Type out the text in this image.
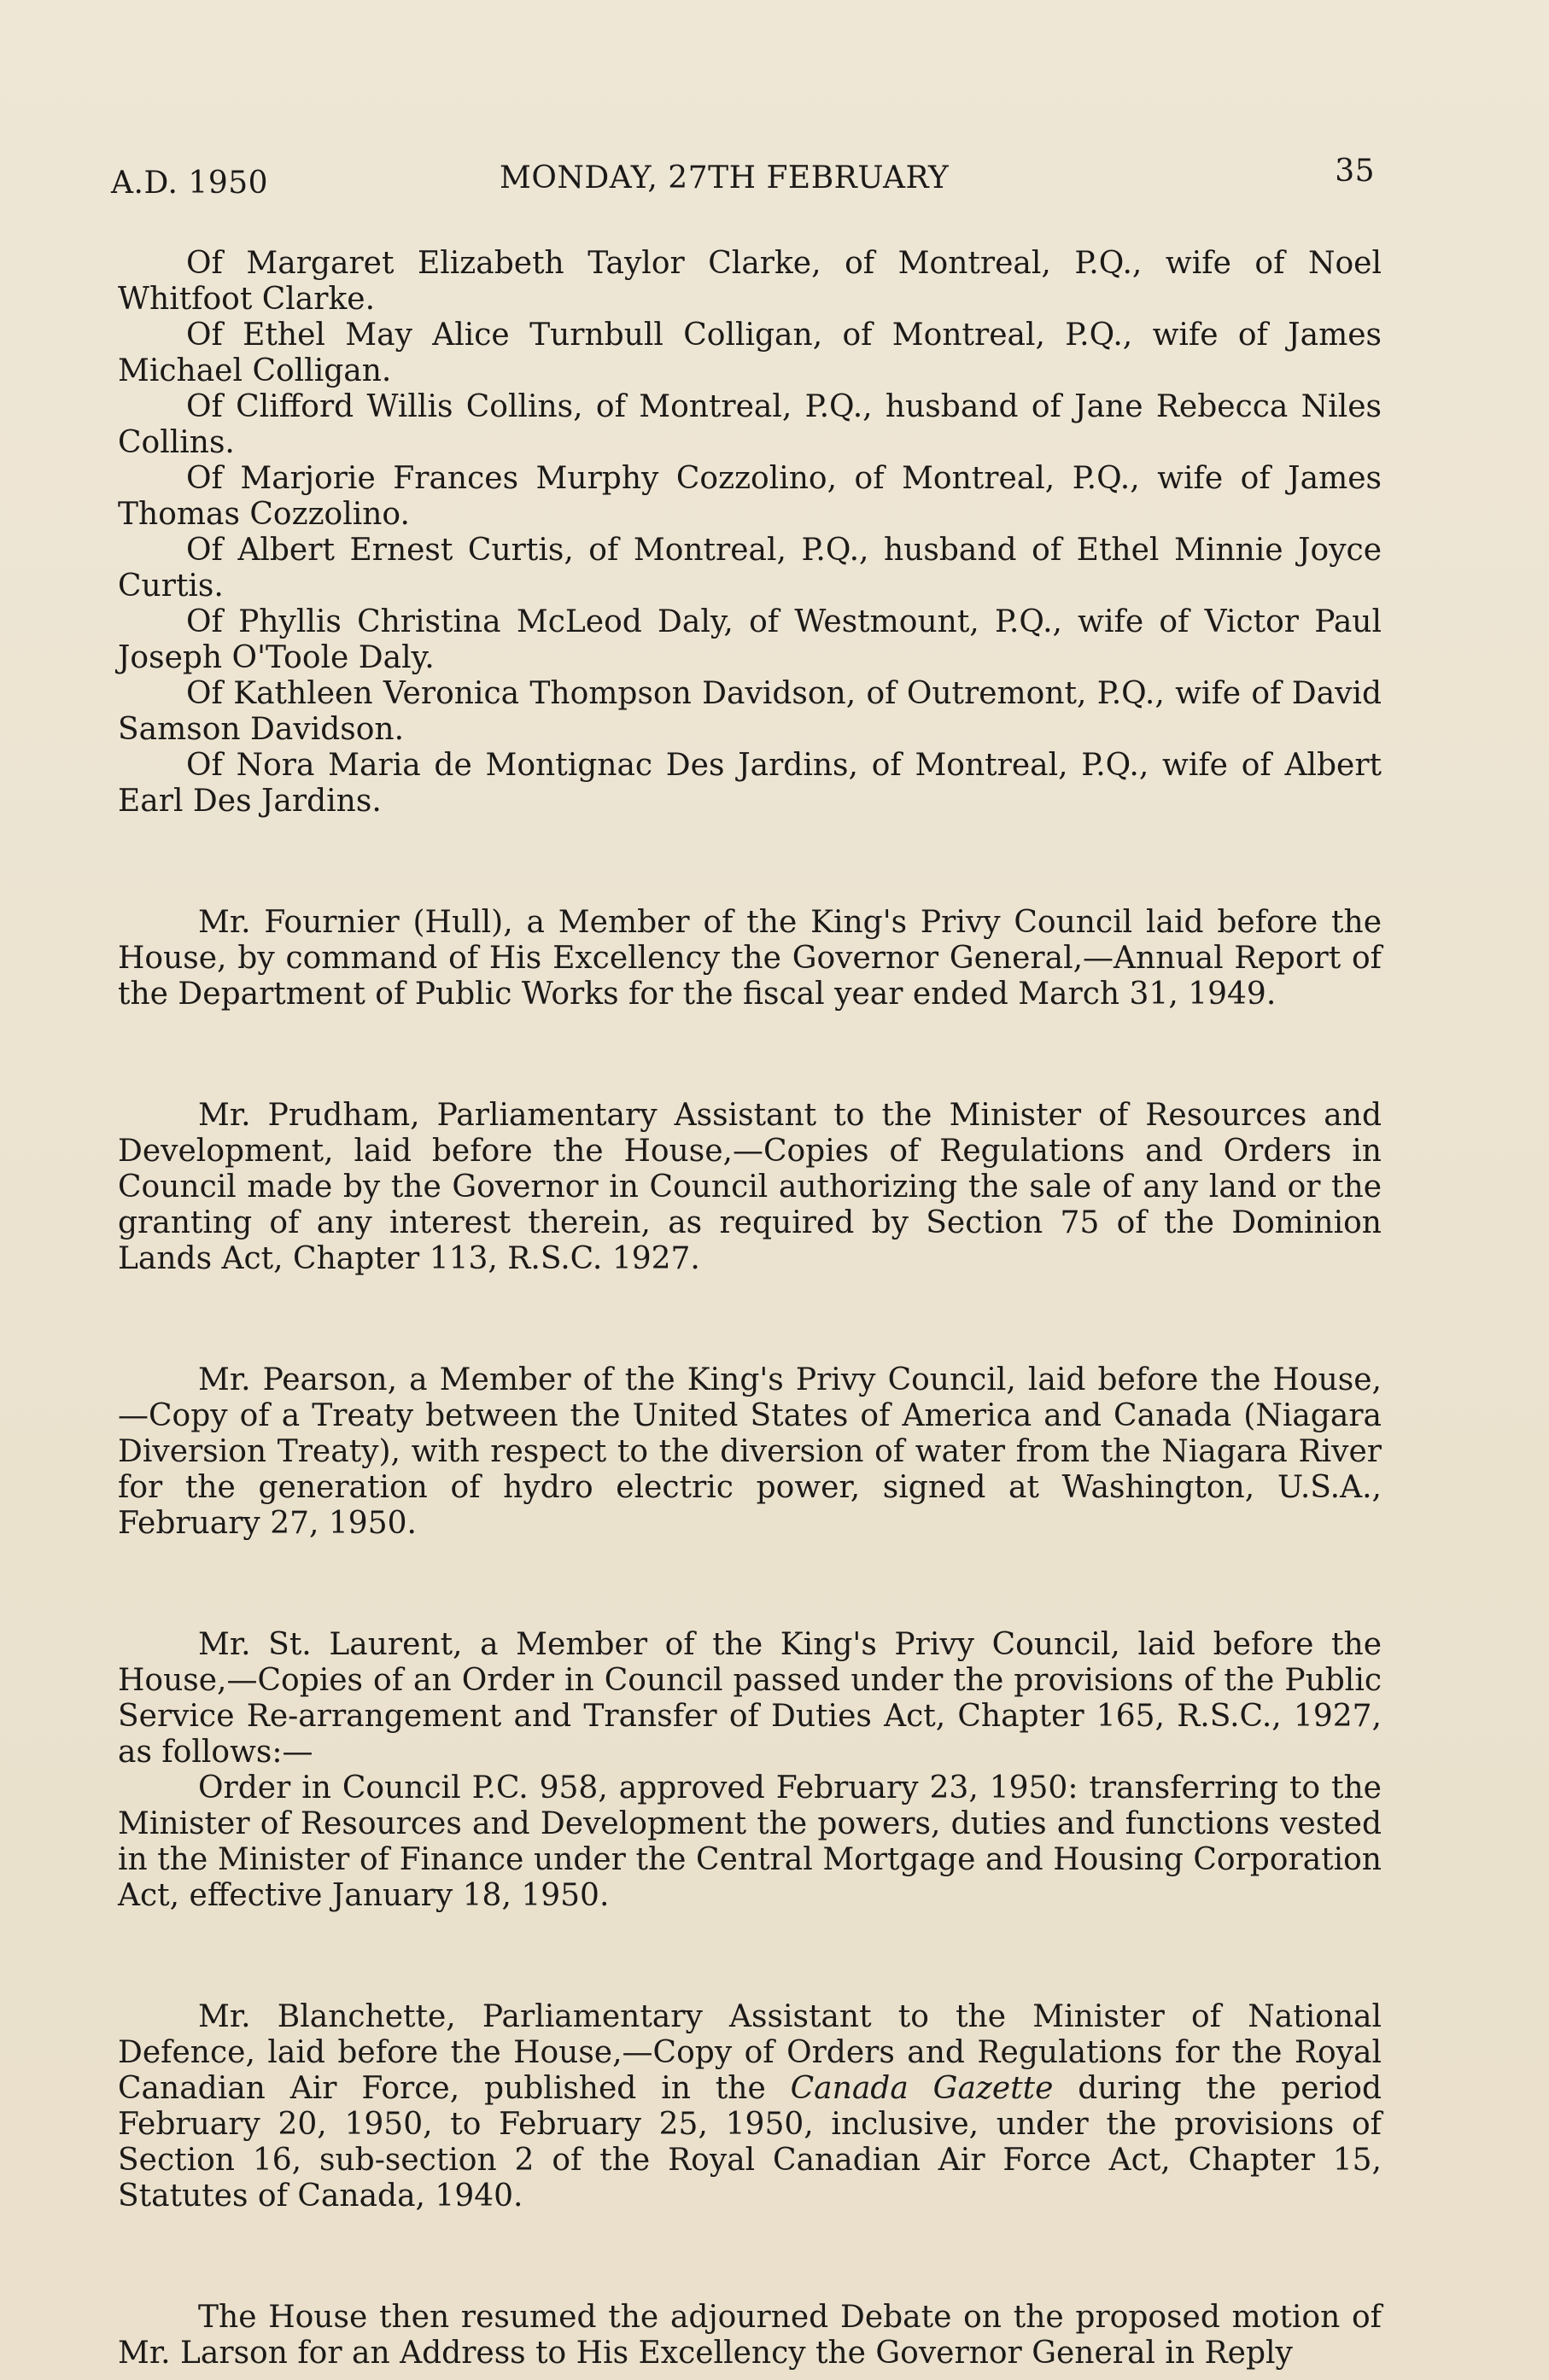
A.D. 1950	MONDAY, 27TH FEBRUARY	35

Of Margaret Elizabeth Taylor Clarke, of Montreal, P.Q., wife of Noel Whitfoot Clarke.

Of Ethel May Alice Turnbull Colligan, of Montreal, P.Q., wife of James Michael Colligan.

Of Clifford Willis Collins, of Montreal, P.Q., husband of Jane Rebecca Niles Collins.

Of Marjorie Frances Murphy Cozzolino, of Montreal, P.Q., wife of James Thomas Cozzolino.

Of Albert Ernest Curtis, of Montreal, P.Q., husband of Ethel Minnie Joyce Curtis.

Of Phyllis Christina McLeod Daly, of Westmount, P.Q., wife of Victor Paul Joseph O'Toole Daly.

Of Kathleen Veronica Thompson Davidson, of Outremont, P.Q., wife of David Samson Davidson.

Of Nora Maria de Montignac Des Jardins, of Montreal, P.Q., wife of Albert Earl Des Jardins.

Mr. Fournier (Hull), a Member of the King's Privy Council laid before the House, by command of His Excellency the Governor General,—Annual Report of the Department of Public Works for the fiscal year ended March 31, 1949.

Mr. Prudham, Parliamentary Assistant to the Minister of Resources and Development, laid before the House,—Copies of Regulations and Orders in Council made by the Governor in Council authorizing the sale of any land or the granting of any interest therein, as required by Section 75 of the Dominion Lands Act, Chapter 113, R.S.C. 1927.

Mr. Pearson, a Member of the King's Privy Council, laid before the House,—Copy of a Treaty between the United States of America and Canada (Niagara Diversion Treaty), with respect to the diversion of water from the Niagara River for the generation of hydro electric power, signed at Washington, U.S.A., February 27, 1950.

Mr. St. Laurent, a Member of the King's Privy Council, laid before the House,—Copies of an Order in Council passed under the provisions of the Public Service Re-arrangement and Transfer of Duties Act, Chapter 165, R.S.C., 1927, as follows:—

Order in Council P.C. 958, approved February 23, 1950: transferring to the Minister of Resources and Development the powers, duties and functions vested in the Minister of Finance under the Central Mortgage and Housing Corporation Act, effective January 18, 1950.

Mr. Blanchette, Parliamentary Assistant to the Minister of National Defence, laid before the House,—Copy of Orders and Regulations for the Royal Canadian Air Force, published in the Canada Gazette during the period February 20, 1950, to February 25, 1950, inclusive, under the provisions of Section 16, sub-section 2 of the Royal Canadian Air Force Act, Chapter 15, Statutes of Canada, 1940.

The House then resumed the adjourned Debate on the proposed motion of Mr. Larson for an Address to His Excellency the Governor General in Reply
